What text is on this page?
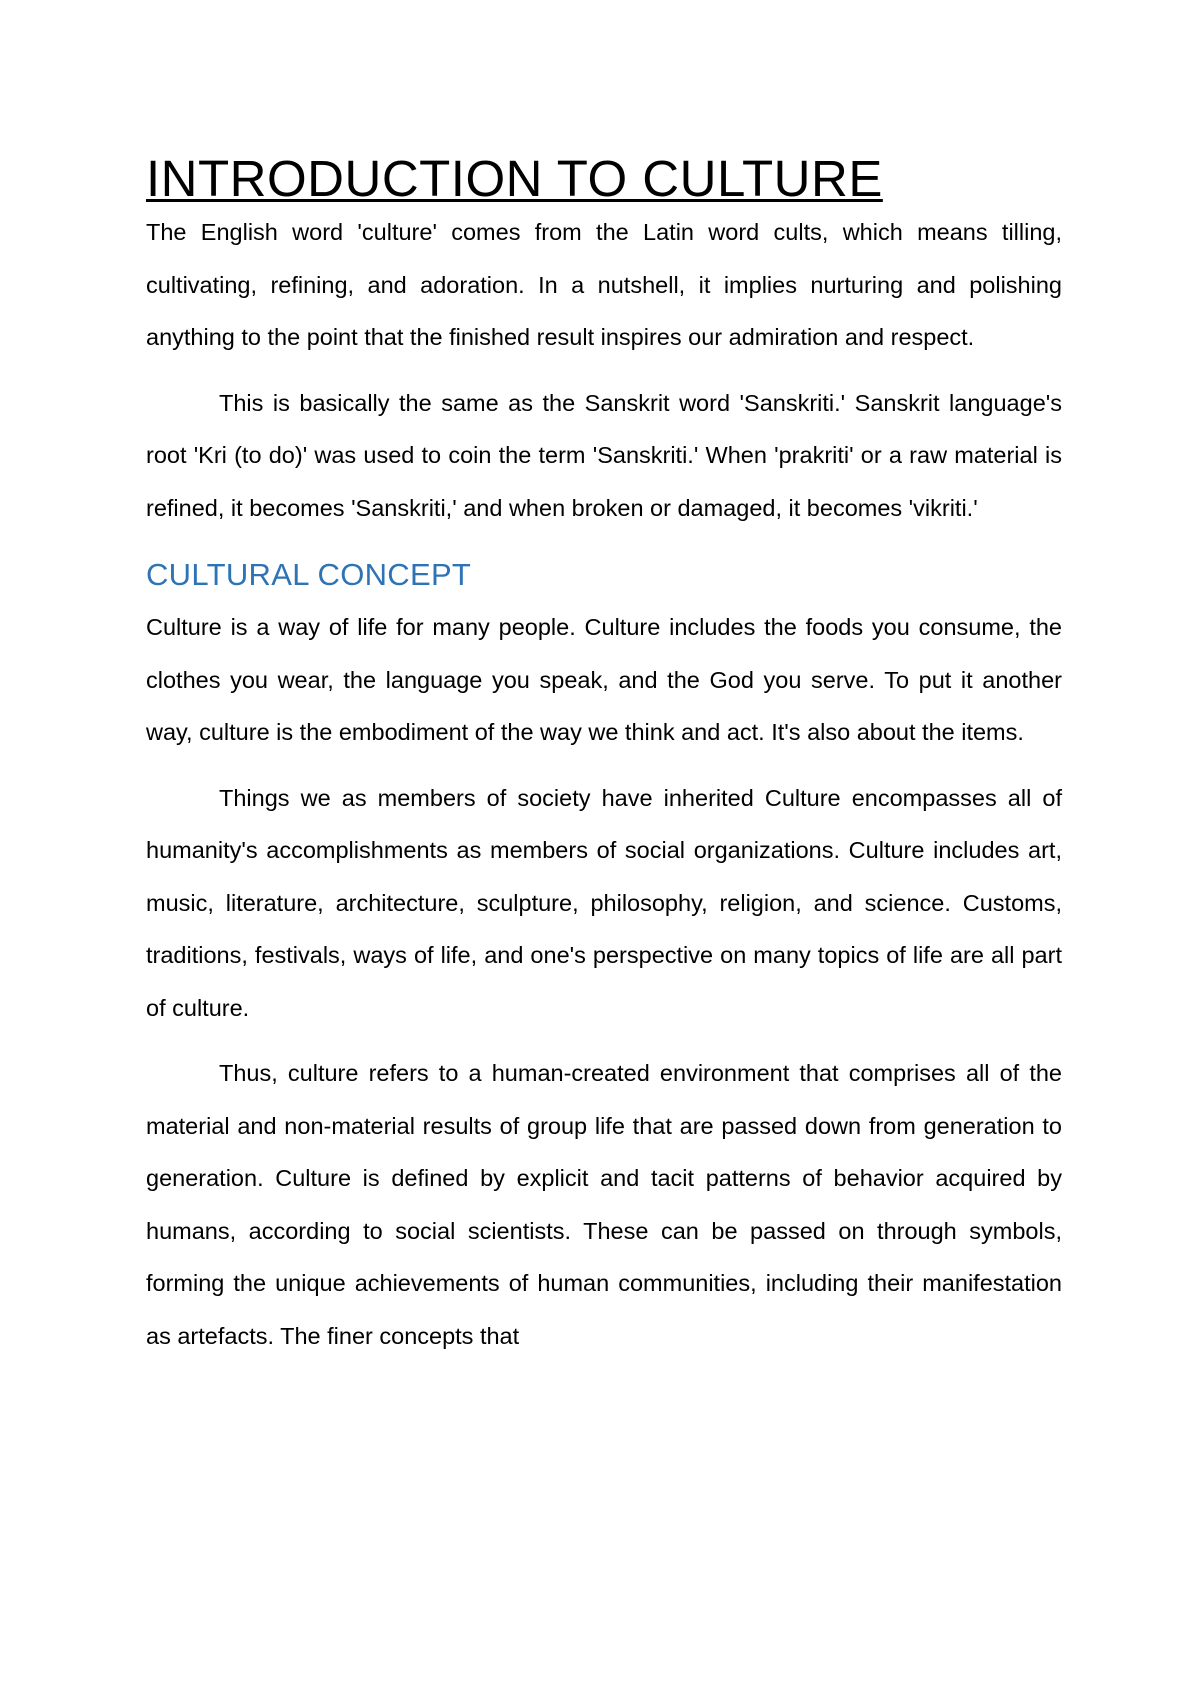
INTRODUCTION TO CULTURE

The English word 'culture' comes from the Latin word cults, which means tilling, cultivating, refining, and adoration. In a nutshell, it implies nurturing and polishing anything to the point that the finished result inspires our admiration and respect.

This is basically the same as the Sanskrit word 'Sanskriti.' Sanskrit language's root 'Kri (to do)' was used to coin the term 'Sanskriti.' When 'prakriti' or a raw material is refined, it becomes 'Sanskriti,' and when broken or damaged, it becomes 'vikriti.'

CULTURAL CONCEPT

Culture is a way of life for many people. Culture includes the foods you consume, the clothes you wear, the language you speak, and the God you serve. To put it another way, culture is the embodiment of the way we think and act. It's also about the items.

Things we as members of society have inherited Culture encompasses all of humanity's accomplishments as members of social organizations. Culture includes art, music, literature, architecture, sculpture, philosophy, religion, and science. Customs, traditions, festivals, ways of life, and one's perspective on many topics of life are all part of culture.

Thus, culture refers to a human-created environment that comprises all of the material and non-material results of group life that are passed down from generation to generation. Culture is defined by explicit and tacit patterns of behavior acquired by humans, according to social scientists. These can be passed on through symbols, forming the unique achievements of human communities, including their manifestation as artefacts. The finer concepts that
